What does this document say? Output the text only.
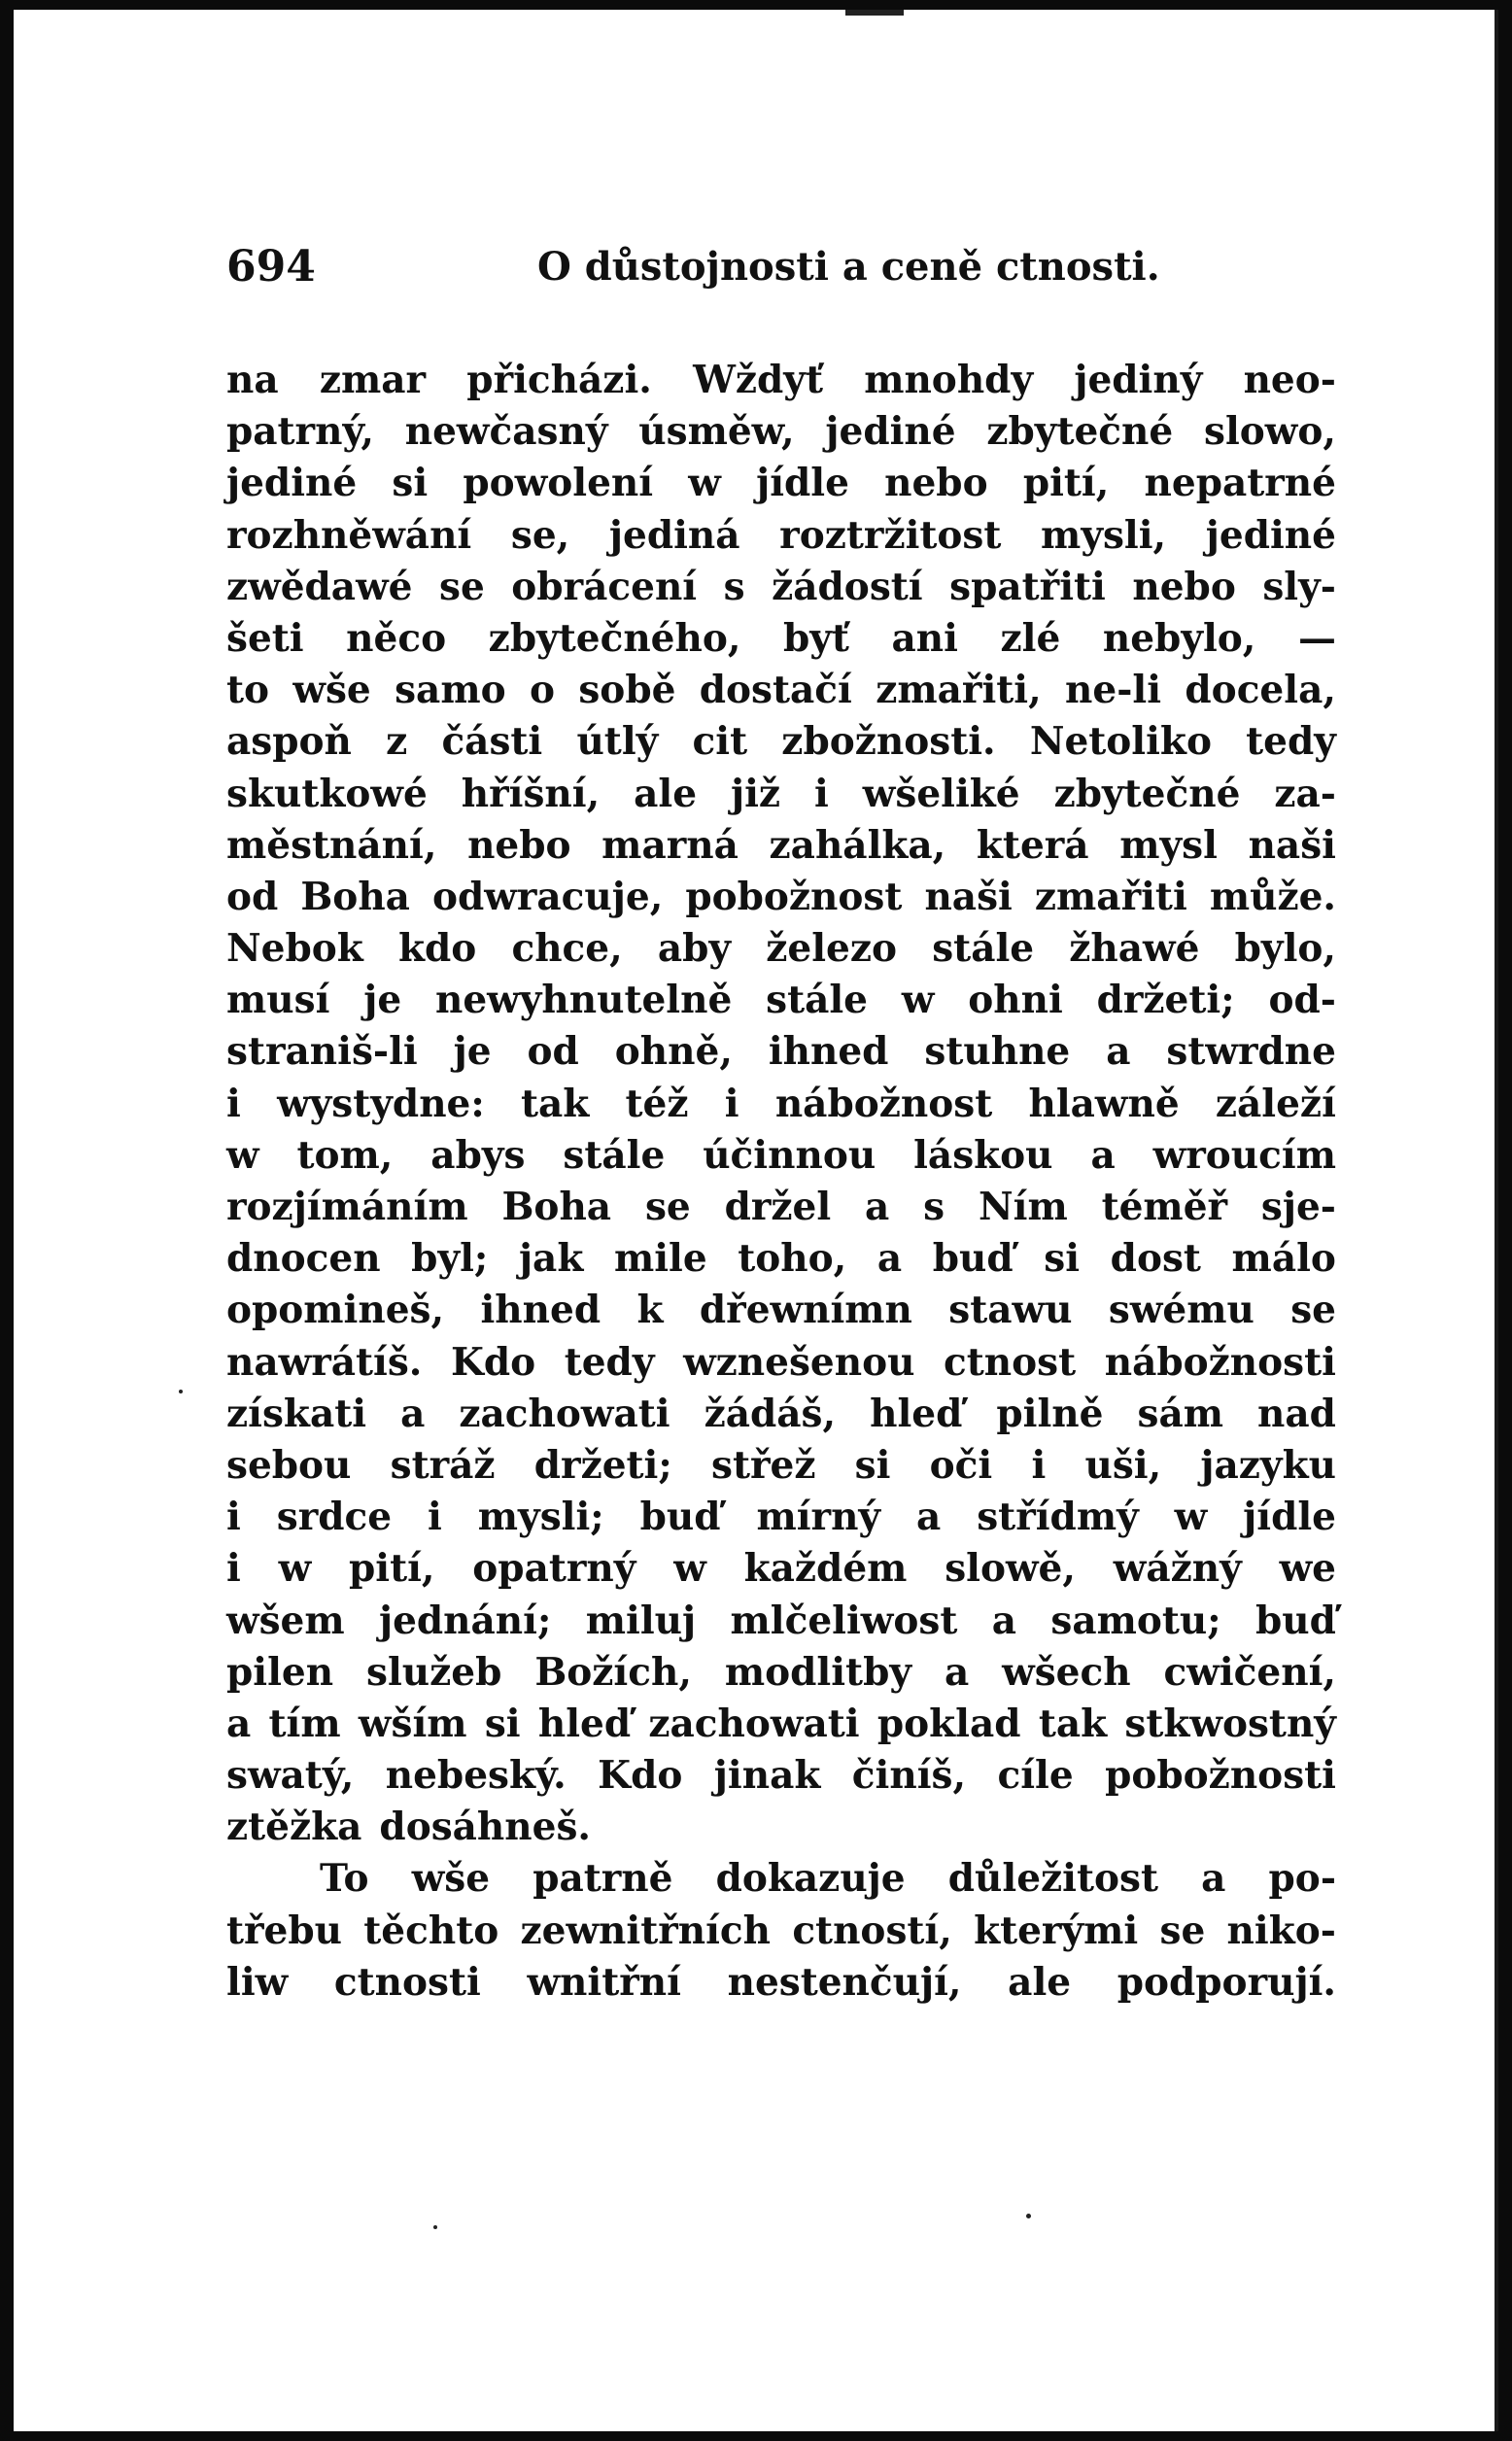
694	O důstojnosti a ceně ctnosti.
na zmar přicházi. Wždyť mnohdy jediný neo-
patrný, newčasný úsměw, jediné zbytečné slowo,
jediné si powolení w jídle nebo pití, nepatrné
rozhněwání se, jediná roztržitost mysli, jediné
zwědawé se obrácení s žádostí spatřiti nebo sly-
šeti něco zbytečného, byť ani zlé nebylo, —
to wše samo o sobě dostačí zmařiti, ne-li docela,
aspoň z části útlý cit zbožnosti. Netoliko tedy
skutkowé hříšní, ale již i wšeliké zbytečné za-
městnání, nebo marná zahálka, která mysl naši
od Boha odwracuje, pobožnost naši zmařiti může.
Nebok kdo chce, aby železo stále žhawé bylo,
musí je newyhnutelně stále w ohni držeti; od-
straniš-li je od ohně, ihned stuhne a stwrdne
i wystydne: tak též i nábožnost hlawně záleží
w tom, abys stále účinnou láskou a wroucím
rozjímáním Boha se držel a s Ním téměř sje-
dnocen byl; jak mile toho, a buď si dost málo
opomineš, ihned k dřewnímn stawu swému se
nawrátíš. Kdo tedy wznešenou ctnost nábožnosti
získati a zachowati žádáš, hleď pilně sám nad
sebou stráž držeti; střež si oči i uši, jazyku
i srdce i mysli; buď mírný a střídmý w jídle
i w pití, opatrný w každém slowě, wážný we
wšem jednání; miluj mlčeliwost a samotu; buď
pilen služeb Božích, modlitby a wšech cwičení,
a tím wším si hleď zachowati poklad tak stkwostný
swatý, nebeský. Kdo jinak činíš, cíle pobožnosti
ztěžka dosáhneš.
To wše patrně dokazuje důležitost a po-
třebu těchto zewnitřních ctností, kterými se niko-
liw ctnosti wnitřní nestenčují, ale podporují.
